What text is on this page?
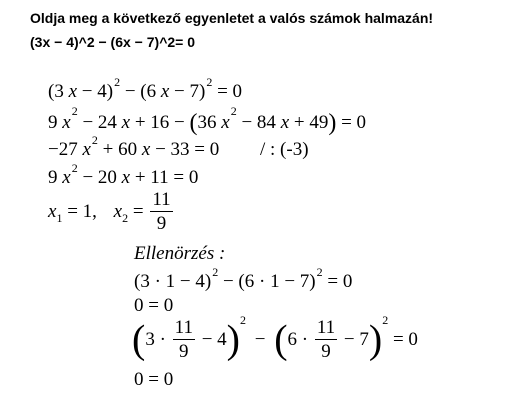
Oldja meg a következő egyenletet a valós számok halmazán!
(3x − 4)^2 − (6x − 7)^2= 0
(3 x − 4)$^2$ − (6 x − 7)$^2$ = 0
9 $x^2 - 24$ x + 16 − (36 $x^2 - 84$ x + 49) = 0
−27 $x^2 + 60$ x − 33 = 0 / : (-3)
9 $x^2 - 20$ x + 11 = 0
$x_1 = 1$, $x_2 = \frac{11}{9}$
Ellenörzés :
$(3 \cdot 1 - 4)^2 - (6 \cdot 1 - 7)^2 = 0$
0 = 0
$(3 \cdot \frac{11}{9} - 4)^2 - (6 \cdot \frac{11}{9} - 7)^2 = 0$
0 = 0
